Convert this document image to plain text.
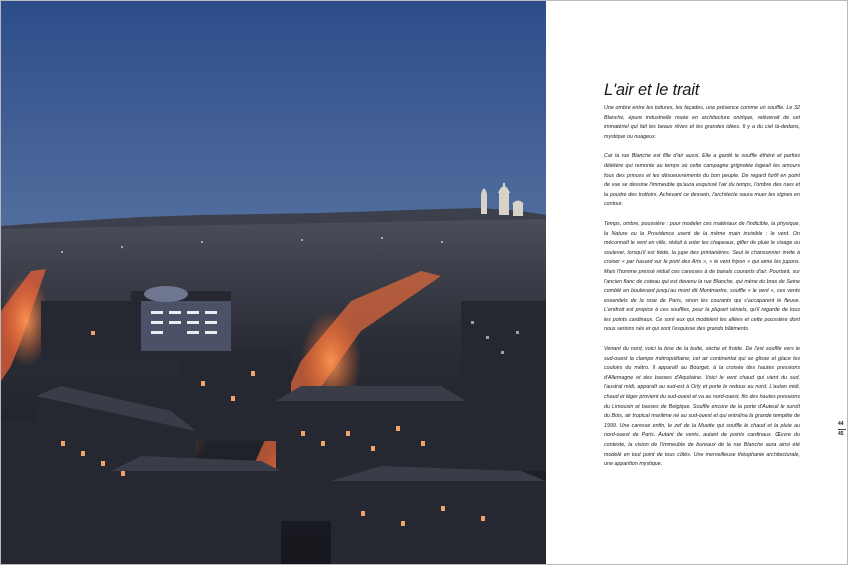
L'air et le trait

Une ombre entre les toitures, les façades, une présence comme un souffle. Le 32 Blanche, épure industrielle muée en architecture onirique, relèverait de cet immatériel qui fait les beaux rêves et les grandes idées. Il y a du ciel là-dedans, mystique ou nuageux.

Car la rue Blanche est fille d'air aussi. Elle a gardé le souffle éthéré et parfois délétère qui remonte au temps où cette campagne grignotée logeait les amours fous des princes et les désoeuvrements du bon peuple. De regard furtif en point de vue se dessine l'immeuble qu'aura esquissé l'air du temps, l'ombre des rues et la poudre des trottoirs. Achevant ce dessein, l'architecte saura muer les signes en contour.

Temps, ombre, poussière : pour modeler ces matériaux de l'indicible, la physique, la Nature ou la Providence usent de la même main invisible : le vent. On méconnaît le vent en ville, réduit à voler les chapeaux, gifler de pluie le visage ou soulever, lorsqu'il est tiède, la jupe des printanières. Seul le chansonnier invite à croiser « par hasard sur le pont des Arts », « le vent fripon » qui aime les jupons. Mais l'homme pressé réduit ces caresses à de banals courants d'air. Pourtant, sur l'ancien flanc de coteau qui est devenu la rue Blanche, qui mène du bras de Seine comblé en boulevard jusqu'au mont dit Montmartre, souffle « le vent », ces vents essentiels de la rose de Paris, sinon les courants qui s'accaparent le fleuve. L'endroit est propice à ces souffles, pour la plupart véniels, qu'il regarde de tous les points cardinaux. Ce sont eux qui modèlent les allées et cette poussière dont nous serions nés et qui sont l'esquisse des grands bâtiments.

Venant du nord, voici la bise de la butte, sèche et froide. De l'est souffle vers le sud-ouest la clampe métropolitaine, cet air continental qui se glisse et glace les couloirs du métro. Il apparaît au Bourget, à la croisée des hautes pressions d'Allemagne et des basses d'Aquitaine. Voici le vent chaud qui vient du sud, l'austral midi, apparaît au sud-est à Orly et porte le redoux au nord. L'autan midi, chaud et léger provient du sud-ouest et va au nord-ouest, fils des hautes pressions du Limousin et basses de Belgique. Souffle encore de la porte d'Auteuil le suroît du Bois, air tropical maritime né au sud-ouest et qui entraîna la grande tempête de 1999. Une caresse enfin, le zef de la Muette qui souffle le chaud et la pluie au nord-ouest de Paris. Autant de vents, autant de points cardinaux. Œuvre du contexte, la vision de l'immeuble de bureaux de la rue Blanche aura ainsi été modelé en tout point de tous côtés. Une merveilleuse théophanie architecturale, une apparition mystique.

44
45
